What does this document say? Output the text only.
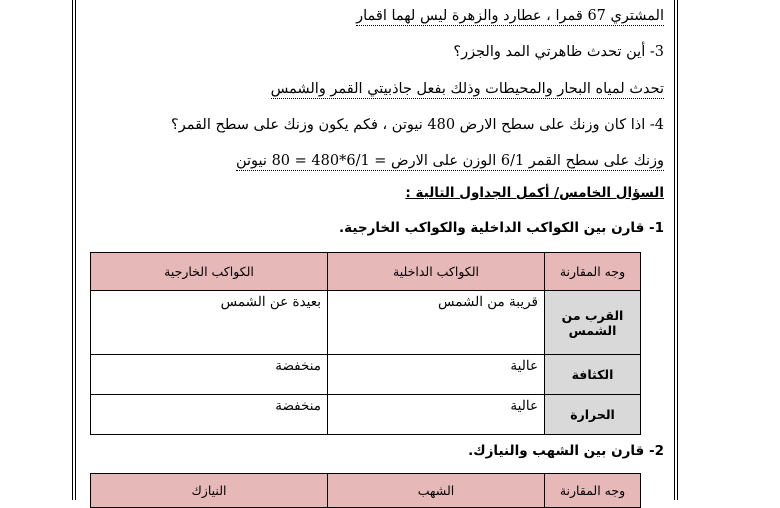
المشتري 67 قمرا ، عطارد والزهرة ليس لهما اقمار
3- أين تحدث ظاهرتي المد والجزر؟
تحدث لمياه البحار والمحيطات وذلك بفعل جاذبيتي القمر والشمس
4- اذا كان وزنك على سطح الارض 480 نيوتن ، فكم يكون وزنك على سطح القمر؟
وزنك على سطح القمر 6/1 الوزن على الارض = 6/1*480 = 80 نيوتن
السؤال الخامس/ أكمل الجداول التالية :
1- قارن بين الكواكب الداخلية والكواكب الخارجية.
وجه المقارنة	الكواكب الداخلية	الكواكب الخارجية
القرب من الشمس	قريبة من الشمس	بعيدة عن الشمس
الكثافة	عالية	منخفضة
الحرارة	عالية	منخفضة
2- قارن بين الشهب والنيازك.
وجه المقارنة	الشهب	النيازك
